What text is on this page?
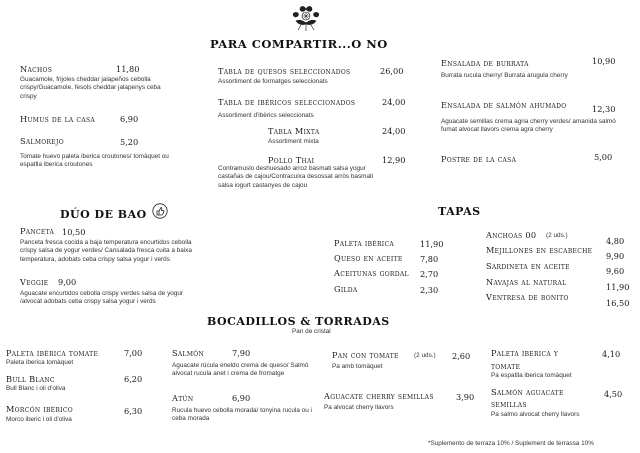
PARA COMPARTIR...O NO
Nachos	11,80
Guacamole, frijoles cheddar jalapeños cebolla crispy/Guacamole, fesols cheddar jalapenys ceba crispy
Humus de la casa	6,90
Salmorejo	5,20
Tomate huevo paleta iberica croutones/ tomàquet ou espatlla iberica croutones
Tabla de quesos seleccionados	26,00
Assortiment de formatges seleccionats
Tabla de ibéricos seleccionados	24,00
Assortiment d'ibèrics seleccionats
Tabla Mixta	24,00
Assortiment mixta
Pollo Thai	12,90
Contramuslo deshuesado arroz basmati salsa yogur castañas de cajou/Contracuixa desossat arròs basmati salsa iogurt castanyes de cajou
Ensalada de burrata	10,90
Burrata rucula cherry/ Burrata arugula cherry
Ensalada de salmón ahumado	12,30
Aguacate semillas crema agria cherry verdes/ amanida salmó fumat alvocat llavors crema agra cherry
Postre de la casa	5,00
DÚO DE BAO
Panceta 10,50
Panceta fresca cocida a baja temperatura encurtidos cebolla crispy salsa de yogur verdes/ Cansalada fresca cuita a baixa temperatura, adobats ceba crispy salsa yogur i verds
Veggie 9,00
Aguacate encurtidos cebolla crispy verdes salsa de yogur /alvocat adobats ceba crispy salsa yogur i verds
TAPAS
Paleta ibérica	11,90
Queso en aceite 7,80
Aceitunas gordal 2,70
Gilda	2,30
Anchoas 00 (2 uds.)
4,80
Mejillones en escabeche
9,90
Sardineta en aceite	9,60
Navajas al natural	11,90
Ventresa de bonito
16,50
BOCADILLOS & TORRADAS
Pan de cristal
Paleta ibérica tomate	7,00
Paleta iberica tomàquet
Bull Blanc	6,20
Bull Blanc i oli d'oliva
Morcón ibérico	6,30
Morco iberic i oli d'oliva
Salmón	7,90
Aguacate rúcula eneldo crema de queso/ Salmó alvocat rucula anet i crema de fromatge
Atún	6,90
Rucula huevo cebolla morada/ tonyina rucula ou i ceba morada
Pan con tomate (2 uds.) 2,60
Pa amb tomàquet
Aguacate cherry semillas	3,90
Pa alvocat cherry llavors
Paleta iberica y	4,10
tomate
Pa espatlla iberica tomàquet
Salmón aguacate	4,50
semillas
Pa salmo alvocat cherry llavors
*Suplemento de terraza 10% / Suplement de terrassa 10%
